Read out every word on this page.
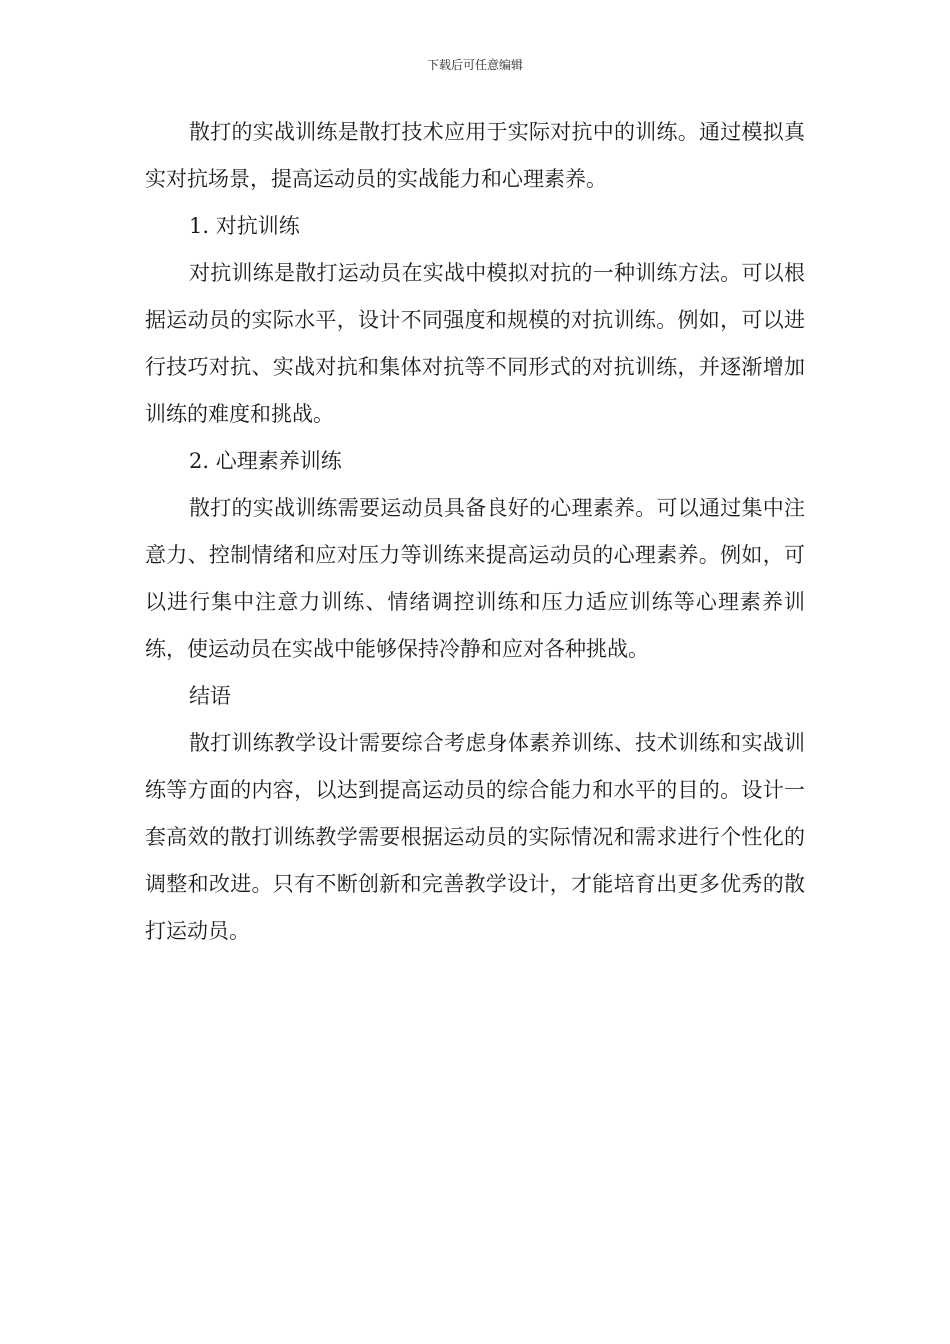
下载后可任意编辑

散打的实战训练是散打技术应用于实际对抗中的训练。通过模拟真实对抗场景，提高运动员的实战能力和心理素养。

1. 对抗训练

对抗训练是散打运动员在实战中模拟对抗的一种训练方法。可以根据运动员的实际水平，设计不同强度和规模的对抗训练。例如，可以进行技巧对抗、实战对抗和集体对抗等不同形式的对抗训练，并逐渐增加训练的难度和挑战。

2. 心理素养训练

散打的实战训练需要运动员具备良好的心理素养。可以通过集中注意力、控制情绪和应对压力等训练来提高运动员的心理素养。例如，可以进行集中注意力训练、情绪调控训练和压力适应训练等心理素养训练，使运动员在实战中能够保持冷静和应对各种挑战。

结语

散打训练教学设计需要综合考虑身体素养训练、技术训练和实战训练等方面的内容，以达到提高运动员的综合能力和水平的目的。设计一套高效的散打训练教学需要根据运动员的实际情况和需求进行个性化的调整和改进。只有不断创新和完善教学设计，才能培育出更多优秀的散打运动员。
